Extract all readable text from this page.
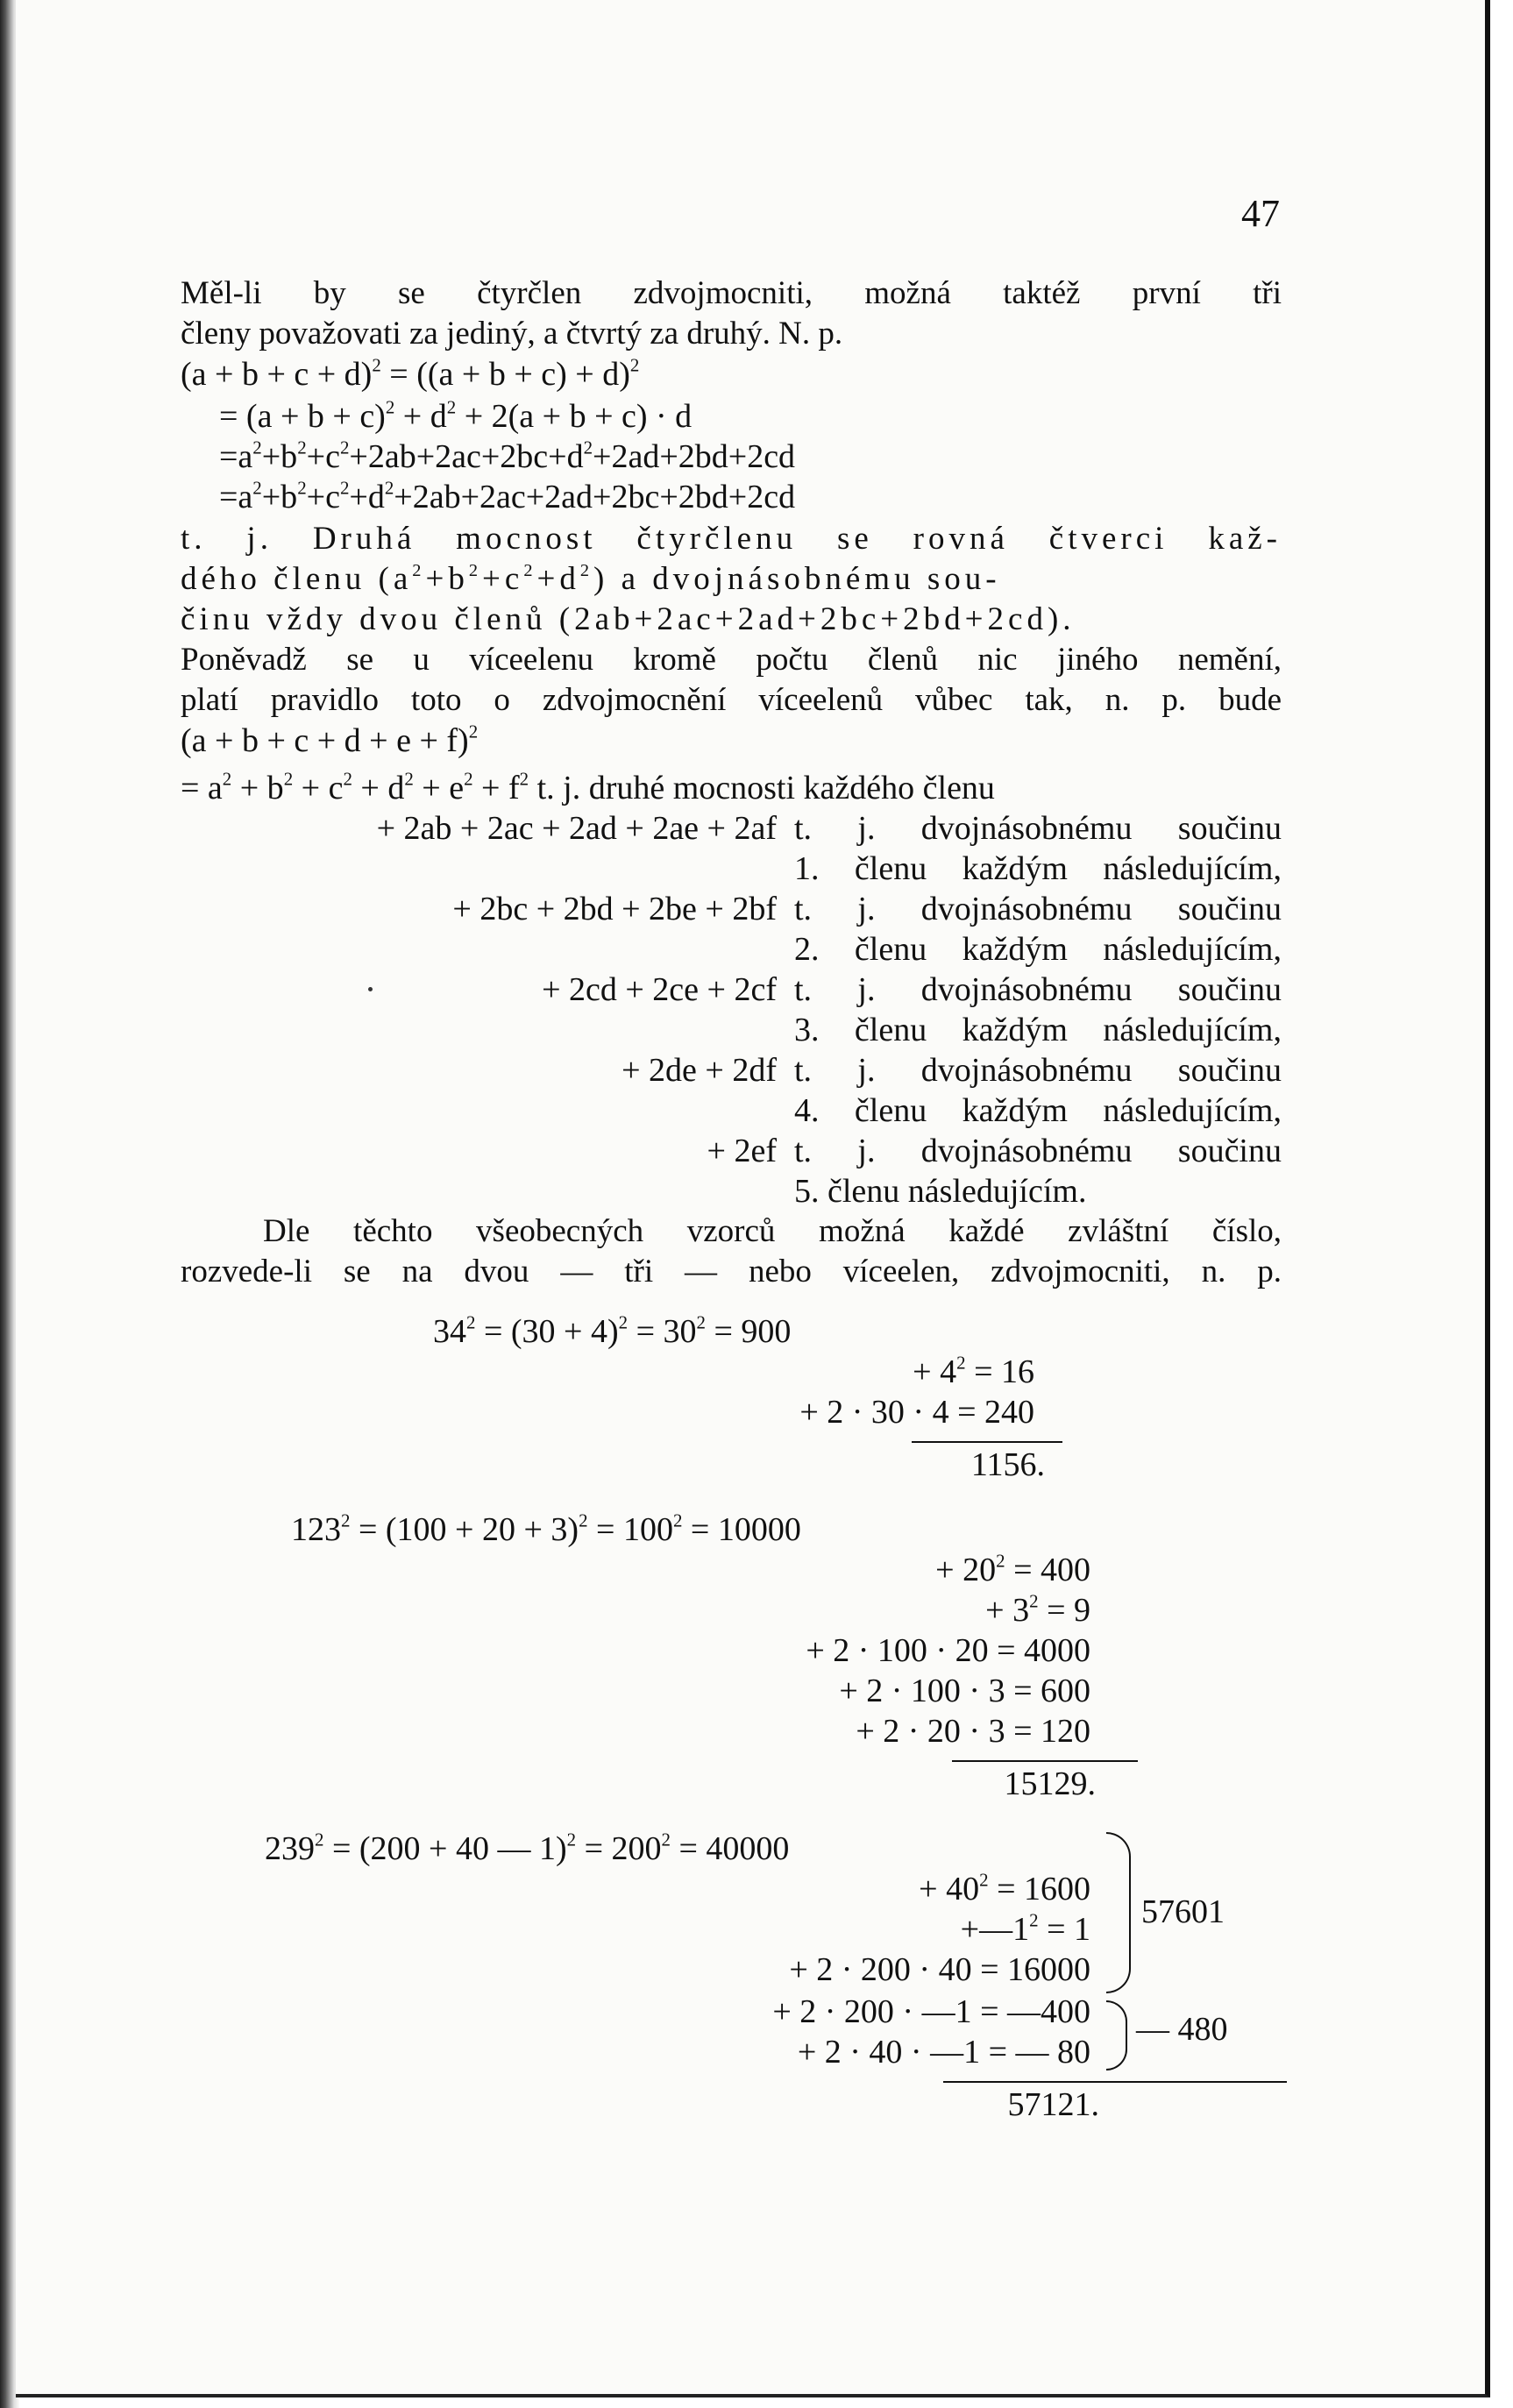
47
Měl-li by se čtyrčlen zdvojmocniti, možná taktéž první tři
členy považovati za jediný, a čtvrtý za druhý. N. p.
$(a + b + c + d)^2 = ((a + b + c) + d)^2$
= $(a + b + c)^2 + d^2 + 2(a + b + c) \cdot d$
$=a^2+b^2+c^2+2ab+2ac+2bc+d^2+2ad+2bd+2cd$
$=a^2+b^2+c^2+d^2+2ab+2ac+2ad+2bc+2bd+2cd$
t. j. Druhá mocnost čtyrčlenu se rovná čtverci kaž-
dého členu $(a^2+b^2+c^2+d^2)$ a dvojnásobnému sou-
činu vždy dvou členů (2ab+2ac+2ad+2bc+2bd+2cd).
Poněvadž se u víceelenu kromě počtu členů nic jiného nemění,
platí pravidlo toto o zdvojmocnění víceelenů vůbec tak, n. p. bude
$(a + b + c + d + e + f)^2$
= $a^2 + b^2 + c^2 + d^2 + e^2 + f^2$ t. j. druhé mocnosti každého členu
+ 2ab + 2ac + 2ad + 2ae + 2af t. j. dvojnásobnému součinu
1. členu každým následujícím,
+ 2bc + 2bd + 2be + 2bf t. j. dvojnásobnému součinu
2. členu každým následujícím,
+ 2cd + 2ce + 2cf t. j. dvojnásobnému součinu
3. členu každým následujícím,
+ 2de + 2df t. j. dvojnásobnému součinu
4. členu každým následujícím,
+ 2ef t. j. dvojnásobnému součinu
5. členu následujícím.
Dle těchto všeobecných vzorců možná každé zvláštní číslo,
rozvede-li se na dvou — tři — nebo víceelen, zdvojmocniti, n. p.
$34^2 = (30 + 4)^2 = 30^2 = 900$
+ $4^2 = 16$
+ 2 · 30 · 4 = 240
1156.
$123^2 = (100 + 20 + 3)^2 = 100^2 = 10000$
+ $20^2 = 400$
+ $3^2 = 9$
+ 2 · 100 · 20 = 4000
+ 2 · 100 · 3 = 600
+ 2 · 20 · 3 = 120
15129.
$239^2 = (200 + 40$ — $1)^2 = 200^2 = 40000$
+ $40^2 = 1600$
$+—1^2 = 1$
+ 2 · 200 · 40 = 16000
+ 2 · 200 · —1 = —400
+ 2 · 40 · —1 = — 80
57601
— 480
57121.
